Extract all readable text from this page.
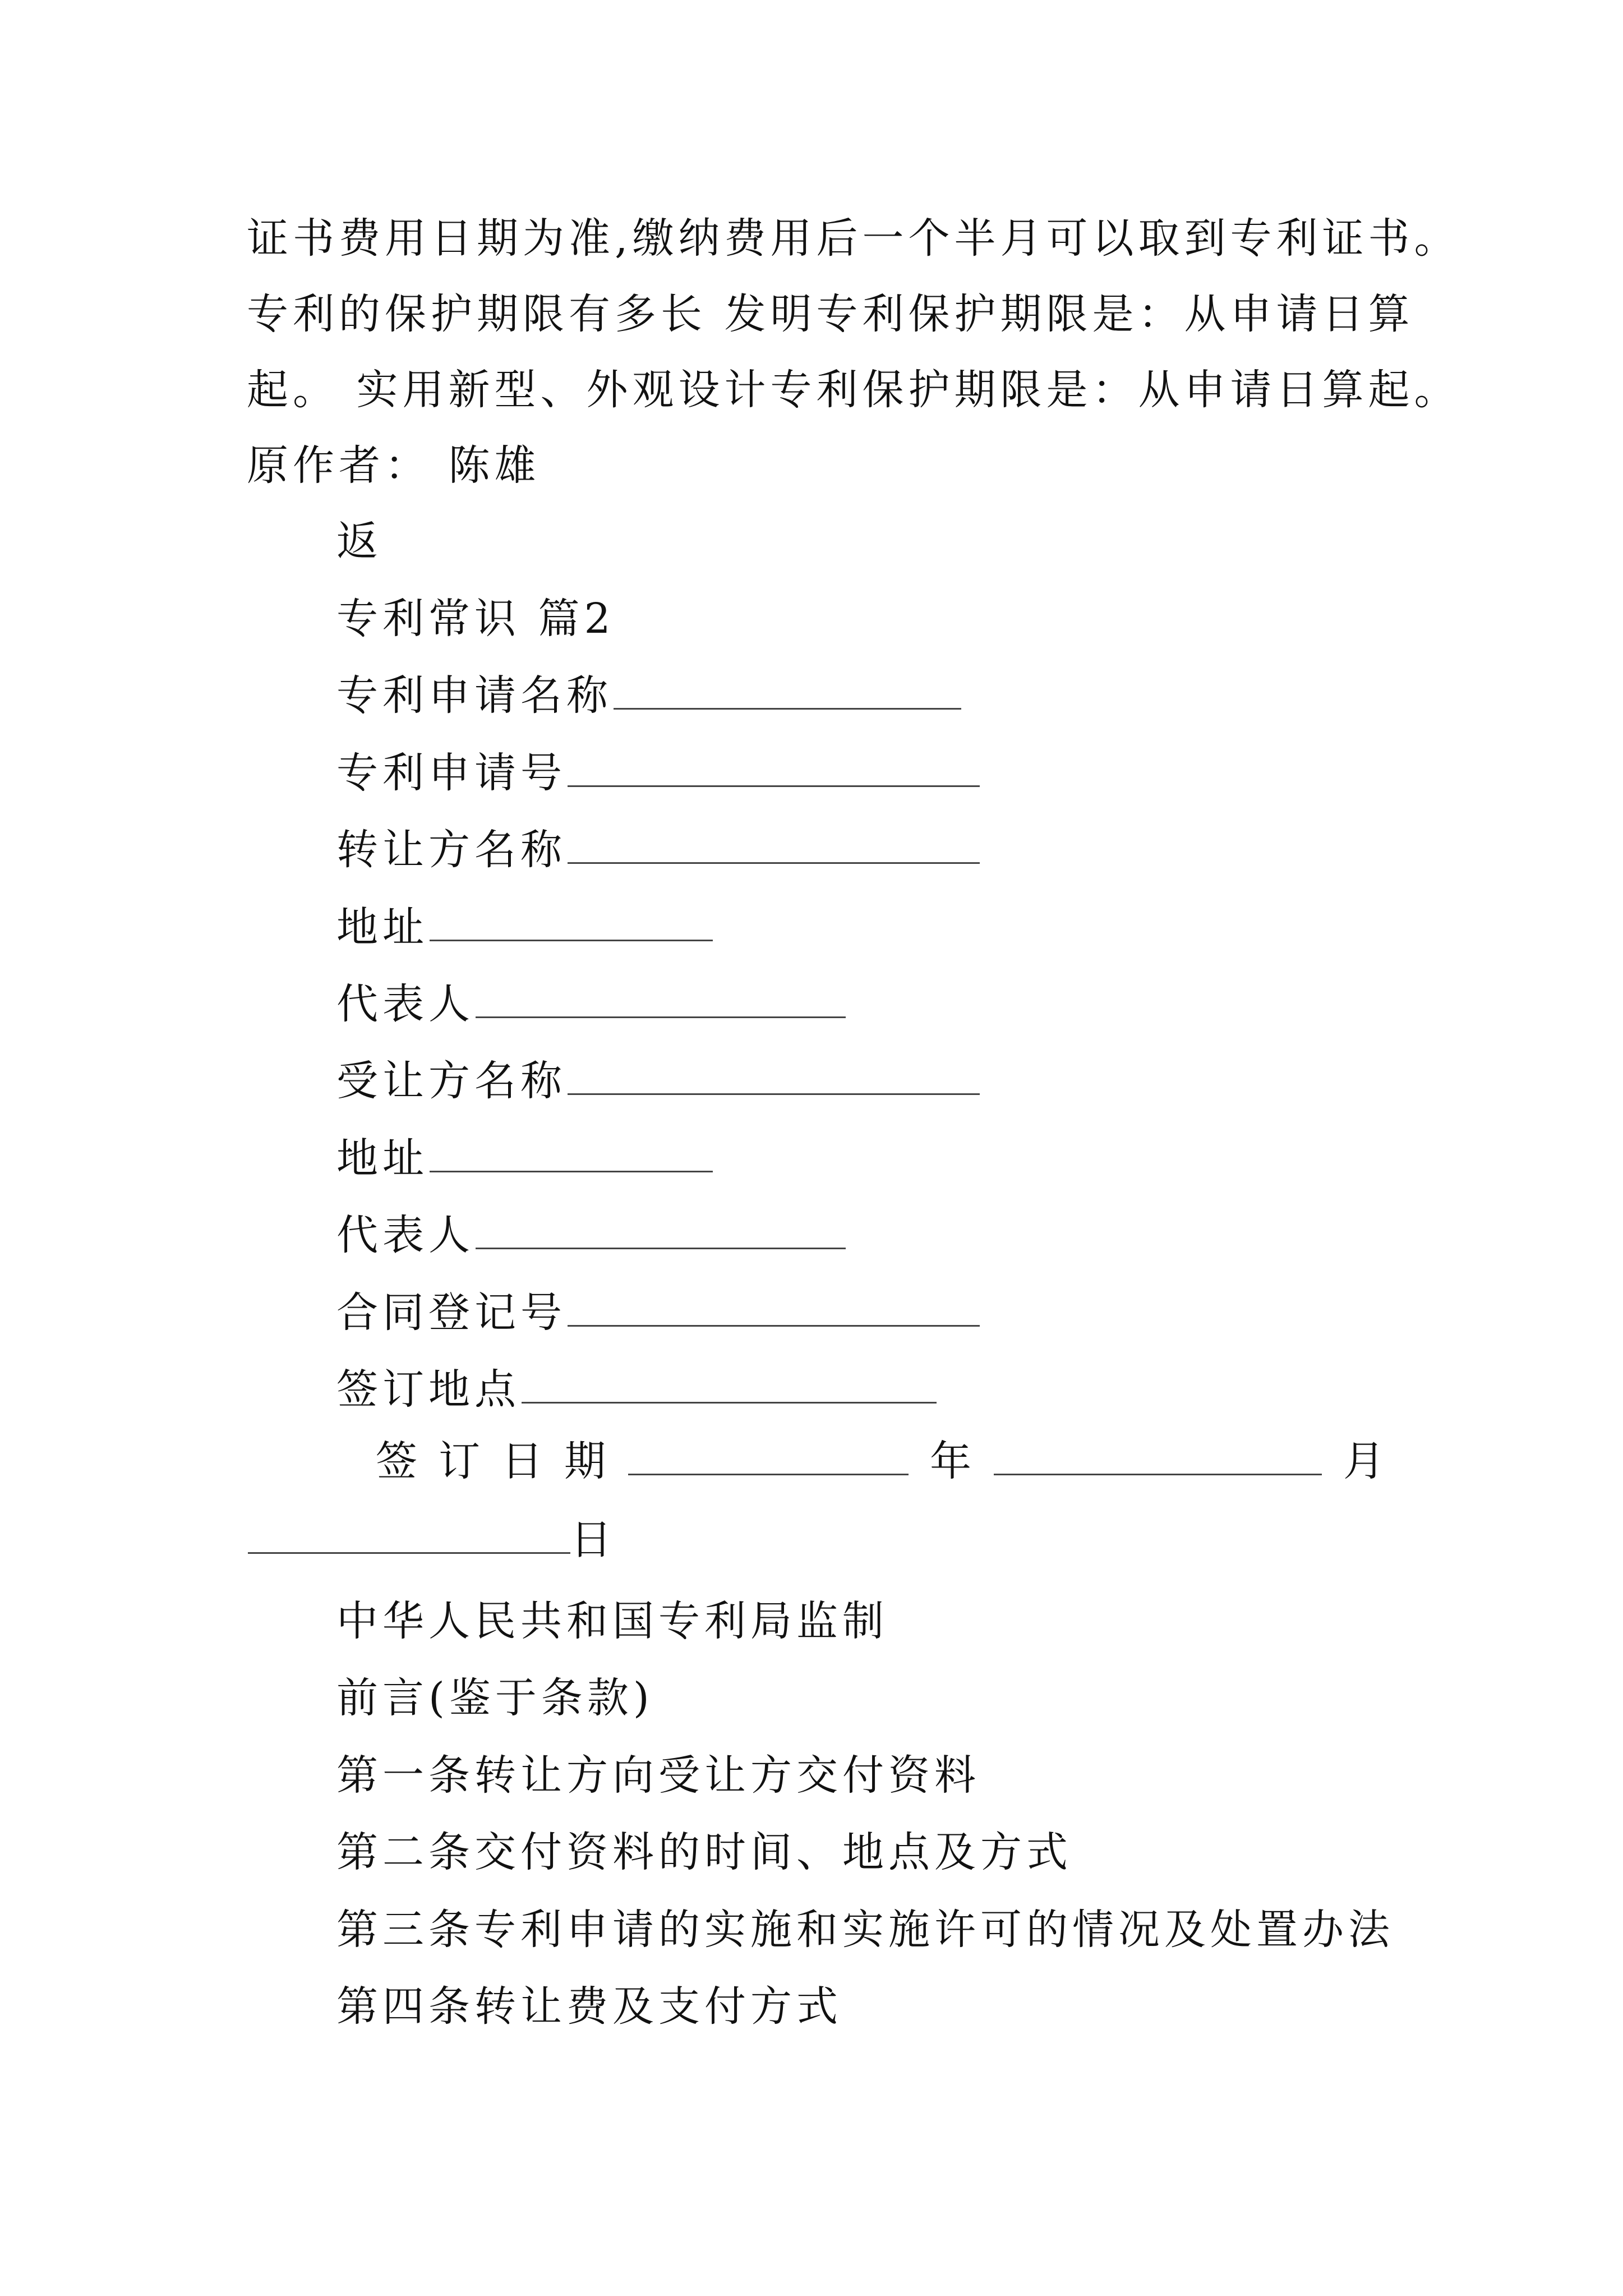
证书费用日期为准,缴纳费用后一个半月可以取到专利证书。
专利的保护期限有多长 发明专利保护期限是：从申请日算
起。 实用新型、外观设计专利保护期限是：从申请日算起。
原作者： 陈雄
返
专利常识 篇2
专利申请名称
专利申请号
转让方名称
地址
代表人
受让方名称
地址
代表人
合同登记号
签订地点
签 订 日 期	年	月
日
中华人民共和国专利局监制
前言(鉴于条款)
第一条转让方向受让方交付资料
第二条交付资料的时间、地点及方式
第三条专利申请的实施和实施许可的情况及处置办法
第四条转让费及支付方式
